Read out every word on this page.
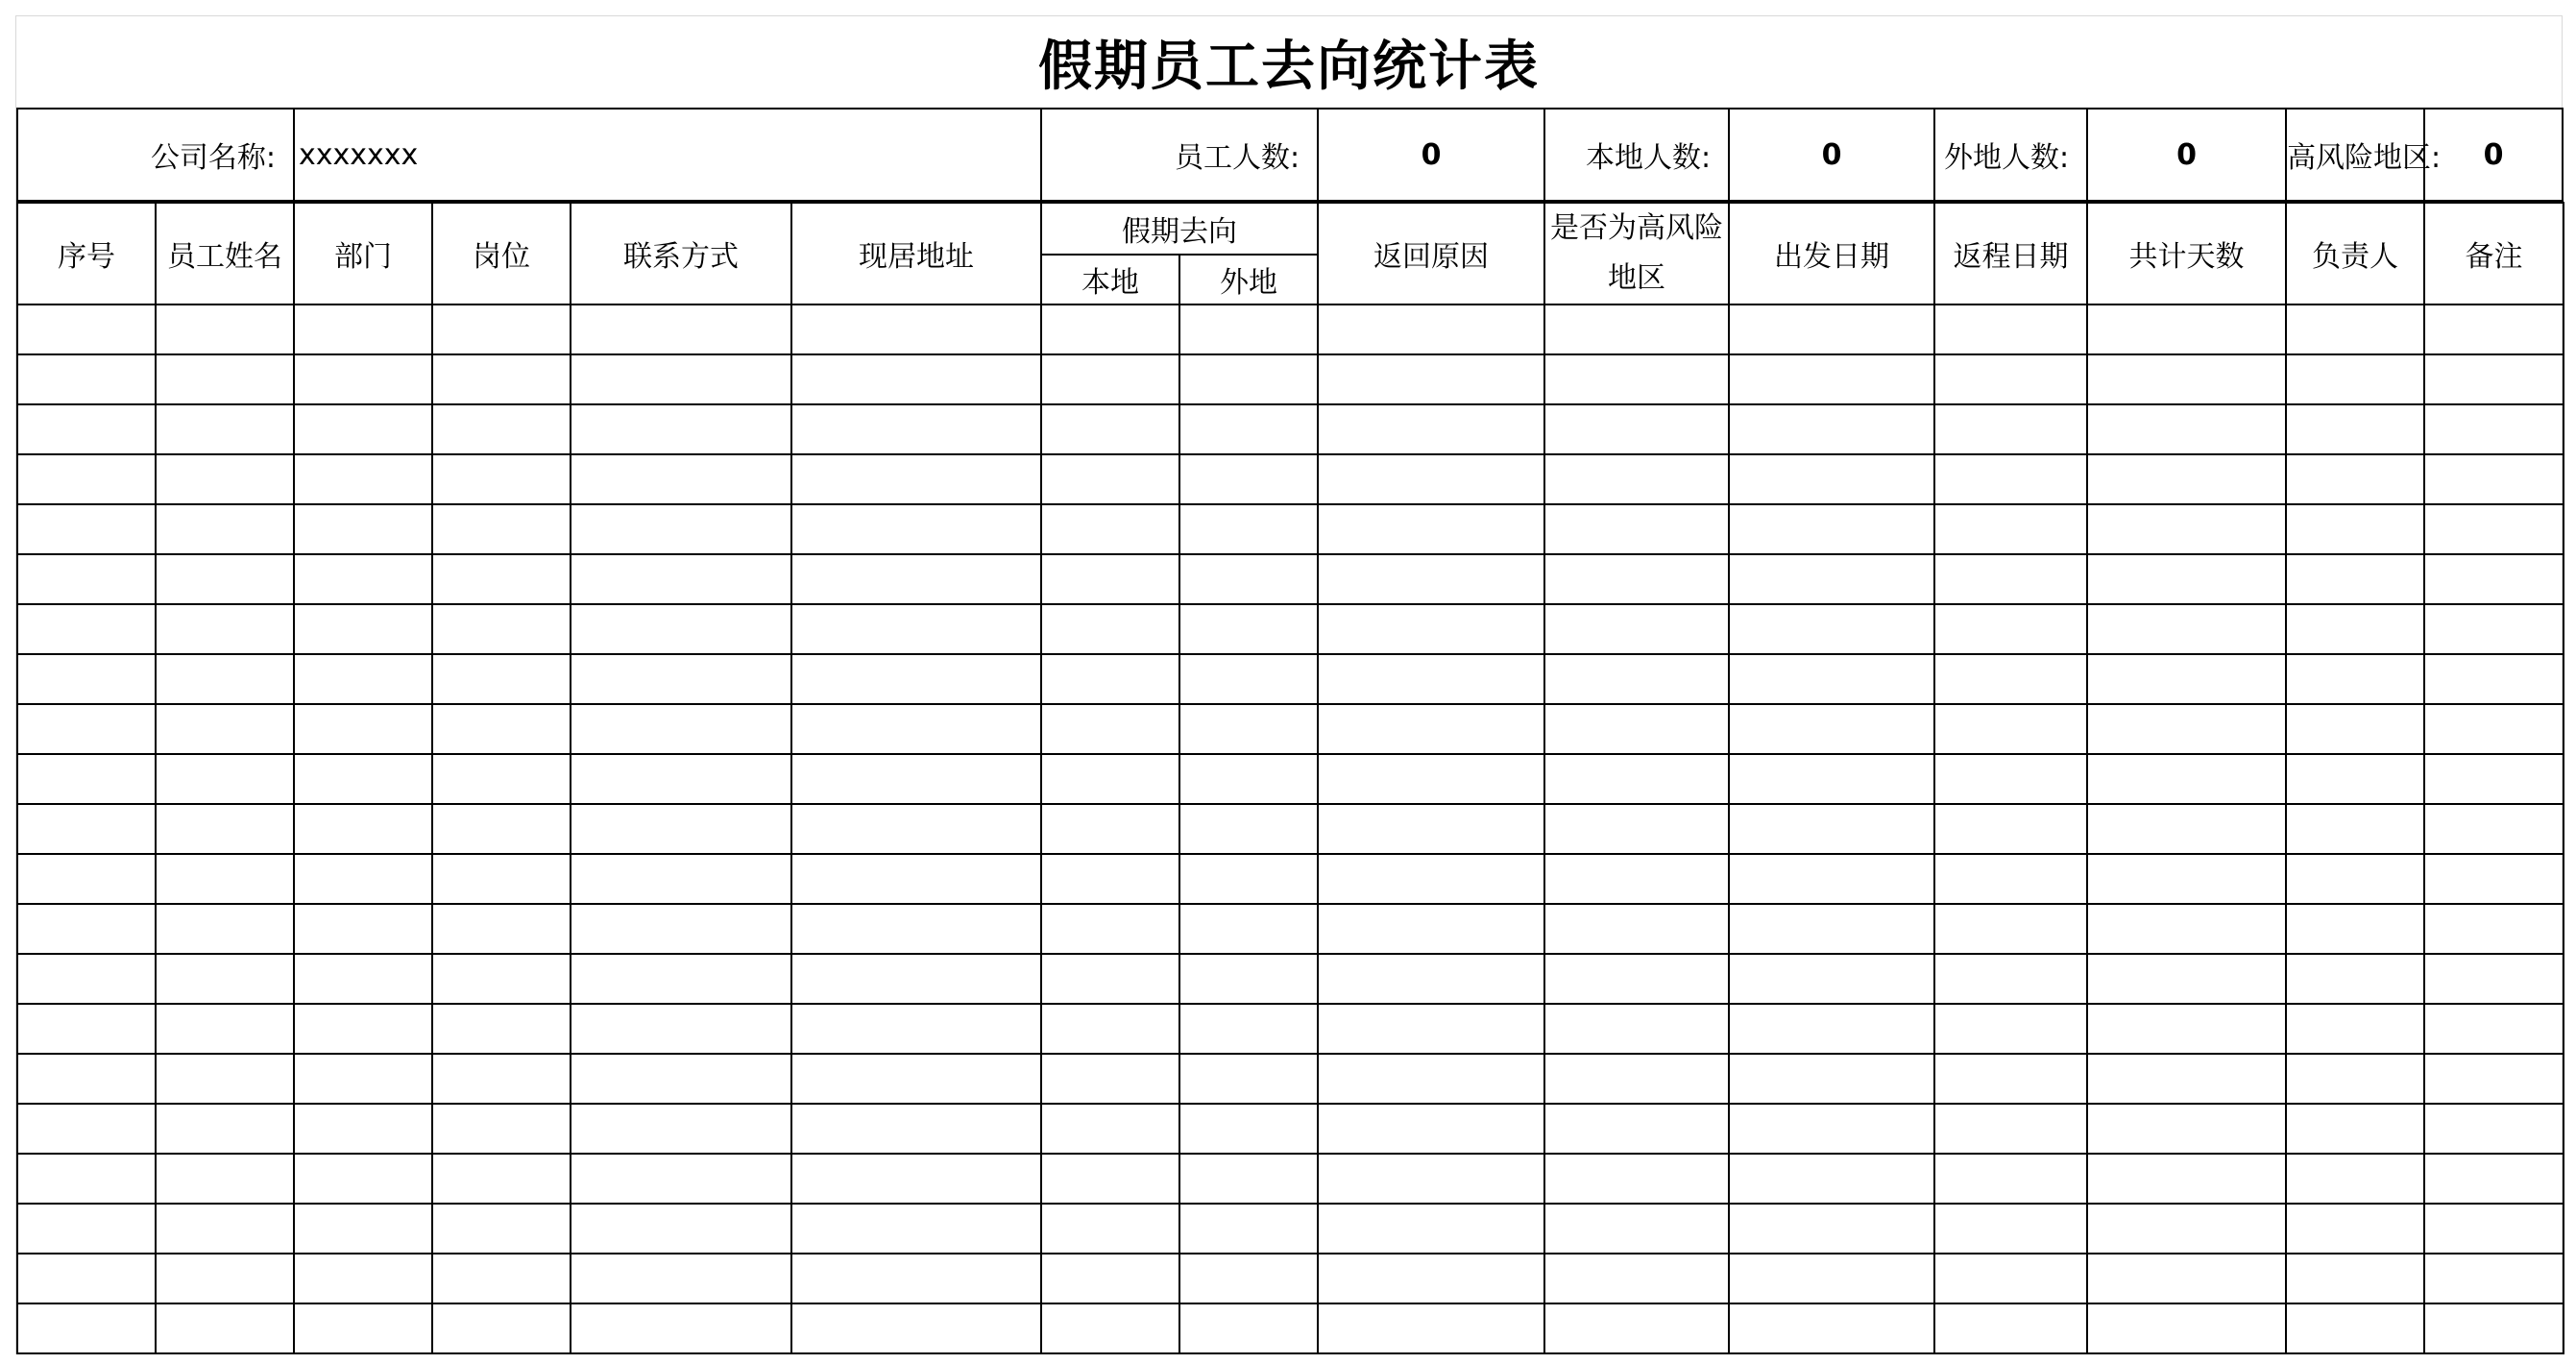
假期员工去向统计表
公司名称:	xxxxxxx	员工人数:	0	本地人数:	0	外地人数:	0	高风险地区:	0
序号	员工姓名	部门	岗位	联系方式	现居地址	假期去向		返回原因	是否为高风险地区	出发日期	返程日期	共计天数	负责人	备注
						本地	外地							
